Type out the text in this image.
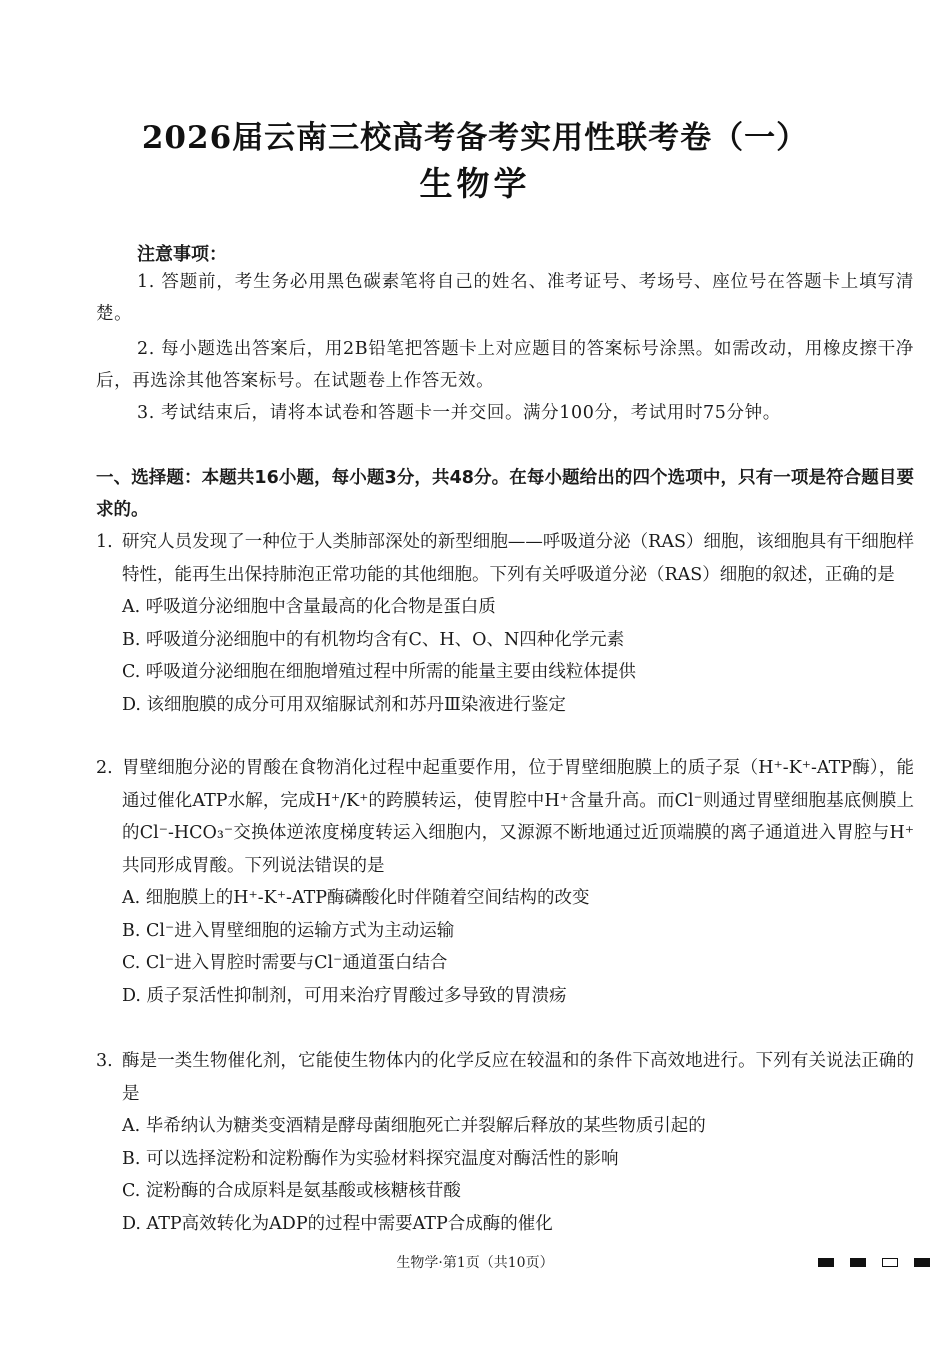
2026届云南三校高考备考实用性联考卷（一）
生物学
注意事项：
1. 答题前，考生务必用黑色碳素笔将自己的姓名、准考证号、考场号、座位号在答题卡上填写清楚。
2. 每小题选出答案后，用2B铅笔把答题卡上对应题目的答案标号涂黑。如需改动，用橡皮擦干净后，再选涂其他答案标号。在试题卷上作答无效。
3. 考试结束后，请将本试卷和答题卡一并交回。满分100分，考试用时75分钟。
一、选择题：本题共16小题，每小题3分，共48分。在每小题给出的四个选项中，只有一项是符合题目要求的。
1. 研究人员发现了一种位于人类肺部深处的新型细胞——呼吸道分泌（RAS）细胞，该细胞具有干细胞样特性，能再生出保持肺泡正常功能的其他细胞。下列有关呼吸道分泌（RAS）细胞的叙述，正确的是
A. 呼吸道分泌细胞中含量最高的化合物是蛋白质
B. 呼吸道分泌细胞中的有机物均含有C、H、O、N四种化学元素
C. 呼吸道分泌细胞在细胞增殖过程中所需的能量主要由线粒体提供
D. 该细胞膜的成分可用双缩脲试剂和苏丹Ⅲ染液进行鉴定
2. 胃壁细胞分泌的胃酸在食物消化过程中起重要作用，位于胃壁细胞膜上的质子泵（H⁺-K⁺-ATP酶），能通过催化ATP水解，完成H⁺/K⁺的跨膜转运，使胃腔中H⁺含量升高。而Cl⁻则通过胃壁细胞基底侧膜上的Cl⁻-HCO₃⁻交换体逆浓度梯度转运入细胞内，又源源不断地通过近顶端膜的离子通道进入胃腔与H⁺共同形成胃酸。下列说法错误的是
A. 细胞膜上的H⁺-K⁺-ATP酶磷酸化时伴随着空间结构的改变
B. Cl⁻进入胃壁细胞的运输方式为主动运输
C. Cl⁻进入胃腔时需要与Cl⁻通道蛋白结合
D. 质子泵活性抑制剂，可用来治疗胃酸过多导致的胃溃疡
3. 酶是一类生物催化剂，它能使生物体内的化学反应在较温和的条件下高效地进行。下列有关说法正确的是
A. 毕希纳认为糖类变酒精是酵母菌细胞死亡并裂解后释放的某些物质引起的
B. 可以选择淀粉和淀粉酶作为实验材料探究温度对酶活性的影响
C. 淀粉酶的合成原料是氨基酸或核糖核苷酸
D. ATP高效转化为ADP的过程中需要ATP合成酶的催化
生物学·第1页（共10页）
